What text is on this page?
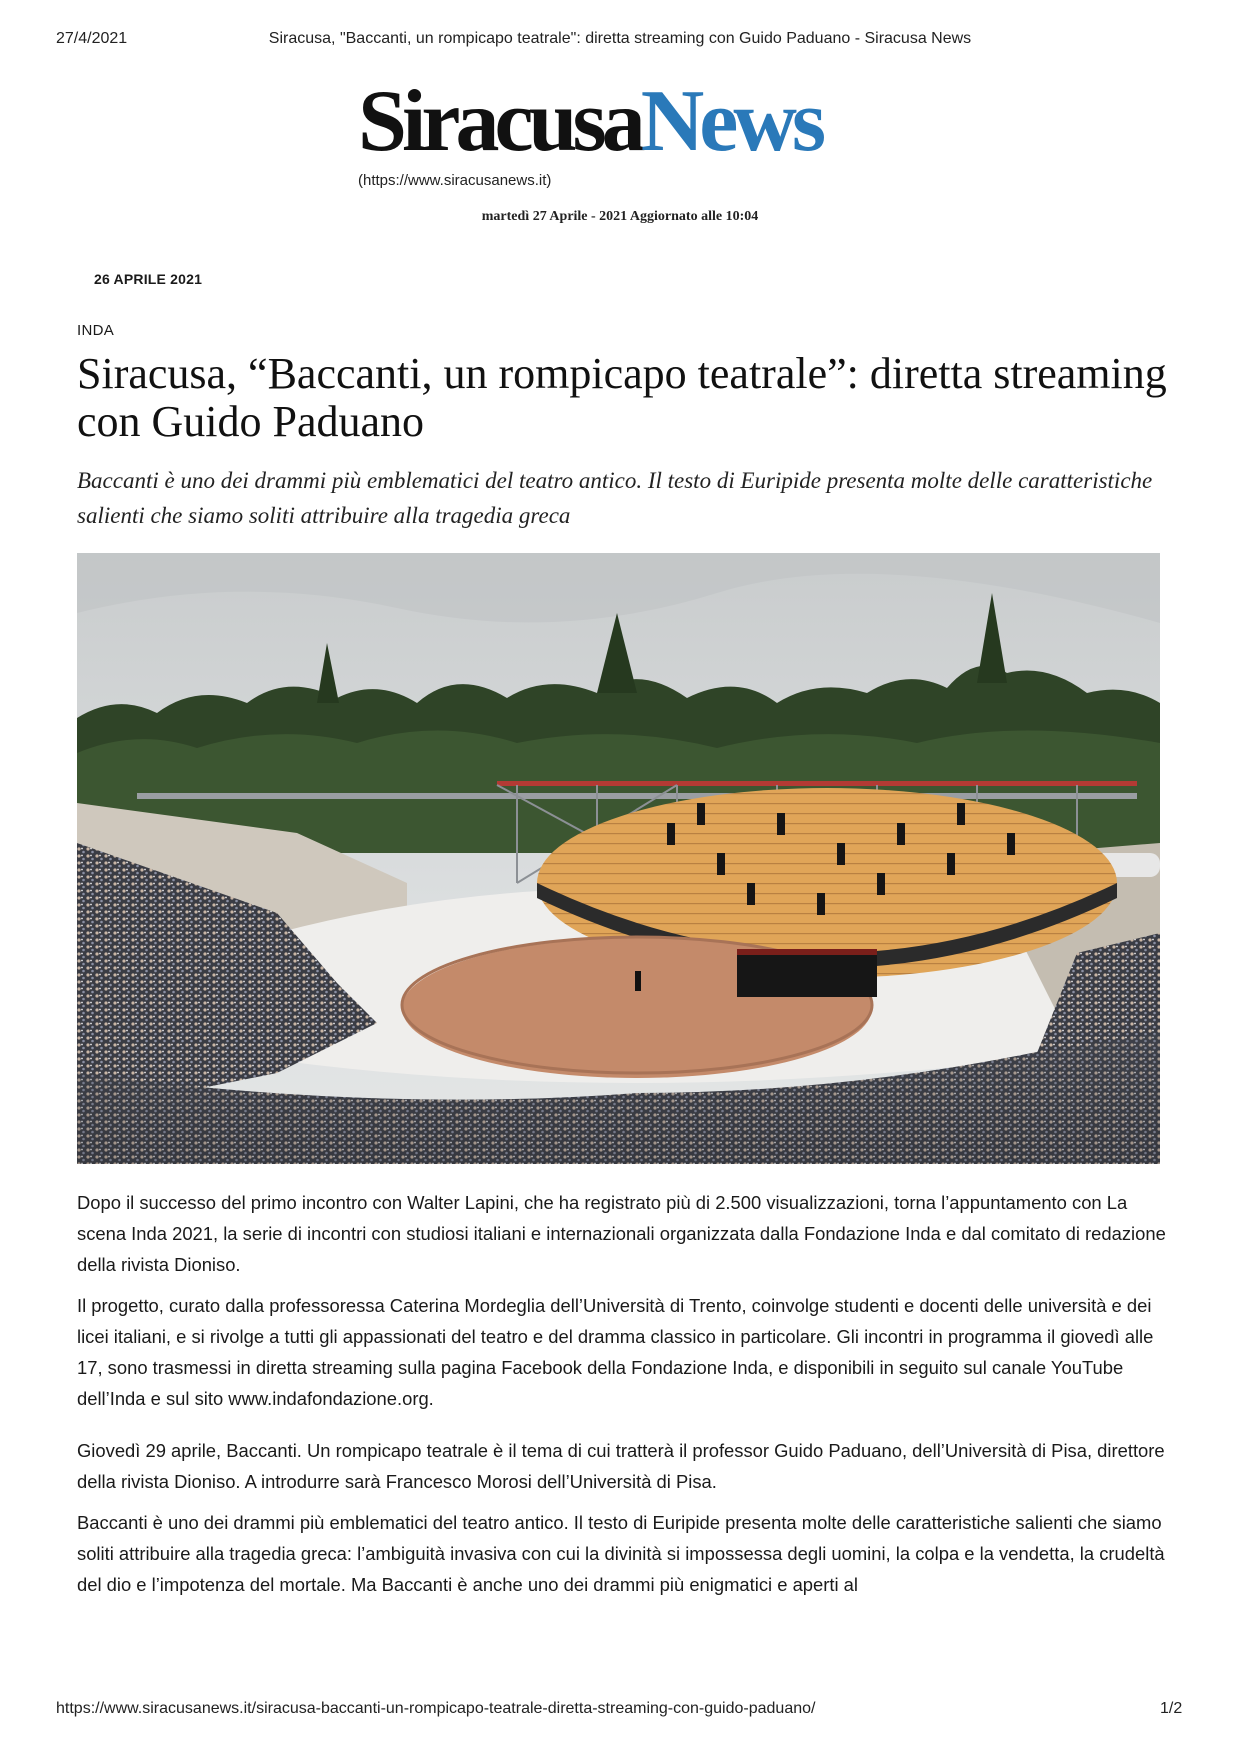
27/4/2021	Siracusa, "Baccanti, un rompicapo teatrale": diretta streaming con Guido Paduano - Siracusa News
SiracusaNews
(https://www.siracusanews.it)
martedì 27 Aprile - 2021 Aggiornato alle 10:04
26 APRILE 2021
INDA
Siracusa, “Baccanti, un rompicapo teatrale”: diretta streaming con Guido Paduano

Baccanti è uno dei drammi più emblematici del teatro antico. Il testo di Euripide presenta molte delle caratteristiche salienti che siamo soliti attribuire alla tragedia greca

Dopo il successo del primo incontro con Walter Lapini, che ha registrato più di 2.500 visualizzazioni, torna l’appuntamento con La scena Inda 2021, la serie di incontri con studiosi italiani e internazionali organizzata dalla Fondazione Inda e dal comitato di redazione della rivista Dioniso.

Il progetto, curato dalla professoressa Caterina Mordeglia dell’Università di Trento, coinvolge studenti e docenti delle università e dei licei italiani, e si rivolge a tutti gli appassionati del teatro e del dramma classico in particolare. Gli incontri in programma il giovedì alle 17, sono trasmessi in diretta streaming sulla pagina Facebook della Fondazione Inda, e disponibili in seguito sul canale YouTube dell’Inda e sul sito www.indafondazione.org.

Giovedì 29 aprile, Baccanti. Un rompicapo teatrale è il tema di cui tratterà il professor Guido Paduano, dell’Università di Pisa, direttore della rivista Dioniso. A introdurre sarà Francesco Morosi dell’Università di Pisa.

Baccanti è uno dei drammi più emblematici del teatro antico. Il testo di Euripide presenta molte delle caratteristiche salienti che siamo soliti attribuire alla tragedia greca: l’ambiguità invasiva con cui la divinità si impossessa degli uomini, la colpa e la vendetta, la crudeltà del dio e l’impotenza del mortale. Ma Baccanti è anche uno dei drammi più enigmatici e aperti al

https://www.siracusanews.it/siracusa-baccanti-un-rompicapo-teatrale-diretta-streaming-con-guido-paduano/	1/2
